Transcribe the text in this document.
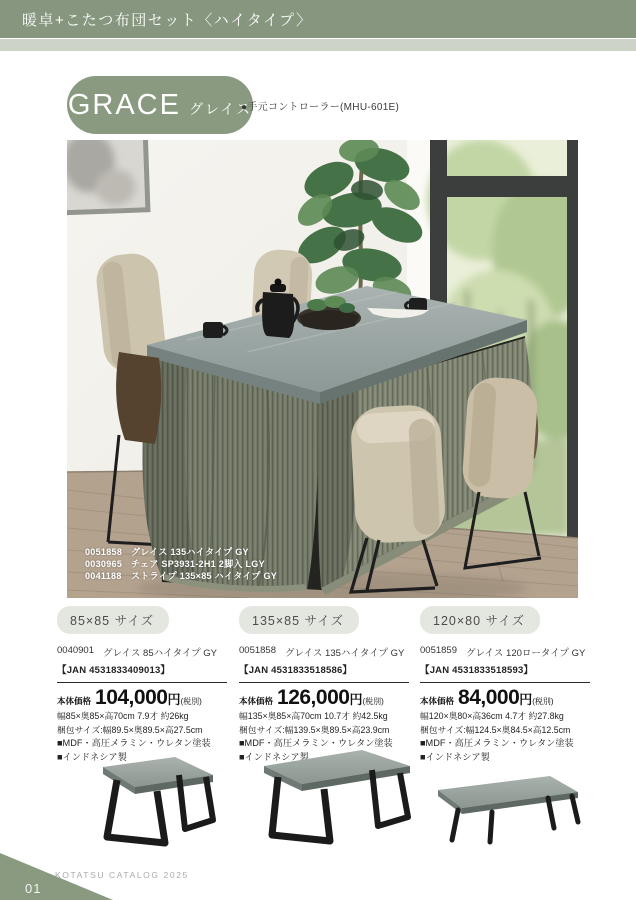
暖卓+こたつ布団セット〈ハイタイプ〉
GRACE グレイス
●手元コントローラー(MHU-601E)
0051858 グレイス 135ハイタイプ GY
0030965 チェア SP3931-2H1 2脚入 LGY
0041188	ストライプ 135×85 ハイタイプ GY
85×85 サイズ
0040901 グレイス 85ハイタイプ GY
【JAN 4531833409013】
本体価格 104,000 円 (税別)
幅85×奥85×高70cm 7.9才 約26kg
梱包サイズ:幅89.5×奥89.5×高27.5cm
■MDF・高圧メラミン・ウレタン塗装
■インドネシア製
135×85 サイズ
0051858 グレイス 135ハイタイプ GY
【JAN 4531833518586】
本体価格 126,000 円 (税別)
幅135×奥85×高70cm 10.7才 約42.5kg
梱包サイズ:幅139.5×奥89.5×高23.9cm
■MDF・高圧メラミン・ウレタン塗装
■インドネシア製
120×80 サイズ
0051859 グレイス 120ロータイプ GY
【JAN 4531833518593】
本体価格 84,000 円 (税別)
幅120×奥80×高36cm 4.7才 約27.8kg
梱包サイズ:幅124.5×奥84.5×高12.5cm
■MDF・高圧メラミン・ウレタン塗装
■インドネシア製
KOTATSU CATALOG 2025
01
